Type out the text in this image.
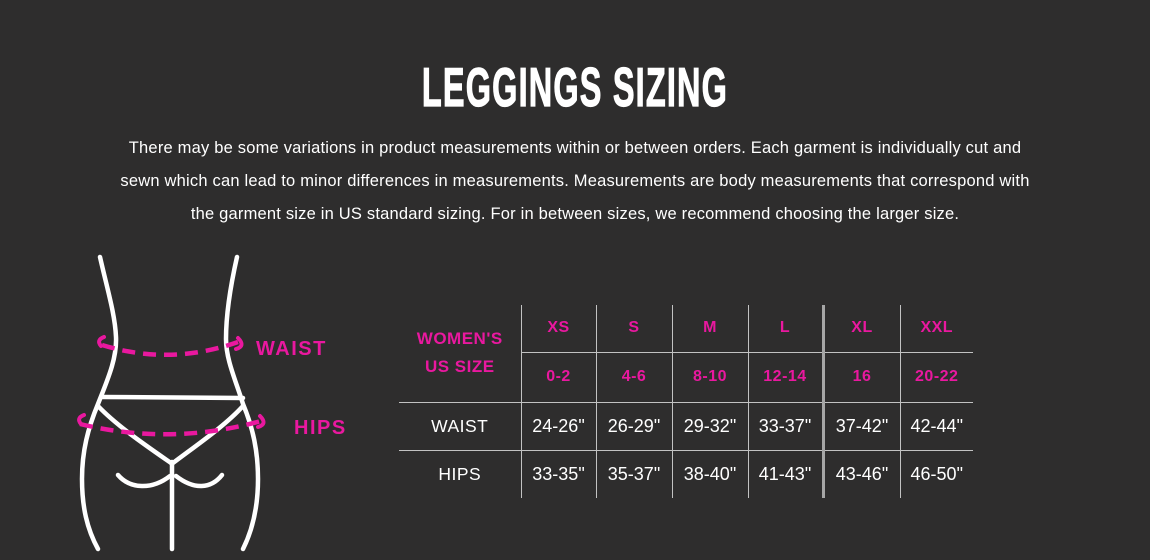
LEGGINGS SIZING
There may be some variations in product measurements within or between orders. Each garment is individually cut and
sewn which can lead to minor differences in measurements. Measurements are body measurements that correspond with
the garment size in US standard sizing. For in between sizes, we recommend choosing the larger size.
WAIST
HIPS
WOMEN'S
US SIZE	XS	S	M	L	XL	XXL
	0-2	4-6	8-10	12-14	16	20-22
WAIST	24-26"	26-29"	29-32"	33-37"	37-42"	42-44"
HIPS	33-35"	35-37"	38-40"	41-43"	43-46"	46-50"
